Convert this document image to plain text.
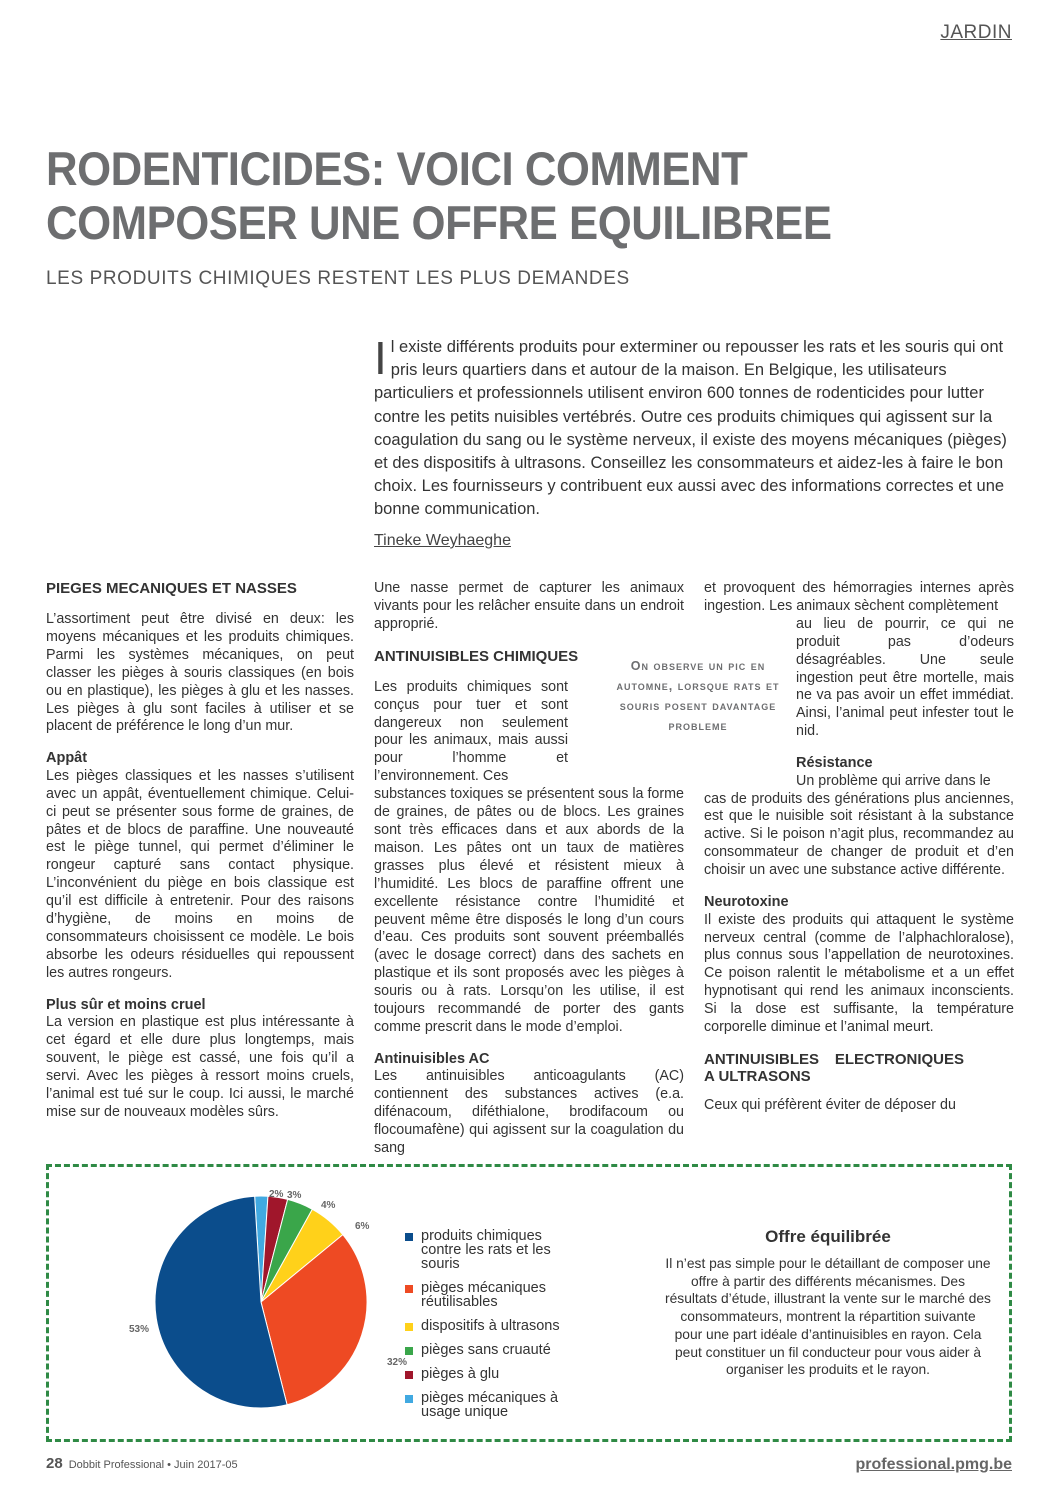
JARDIN
RODENTICIDES: VOICI COMMENT COMPOSER UNE OFFRE EQUILIBREE
LES PRODUITS CHIMIQUES RESTENT LES PLUS DEMANDES

Il existe différents produits pour exterminer ou repousser les rats et les souris qui ont pris leurs quartiers dans et autour de la maison. En Belgique, les utilisateurs particuliers et professionnels utilisent environ 600 tonnes de rodenticides pour lutter contre les petits nuisibles vertébrés. Outre ces produits chimiques qui agissent sur la coagulation du sang ou le système nerveux, il existe des moyens mécaniques (pièges) et des dispositifs à ultrasons. Conseillez les consommateurs et aidez-les à faire le bon choix. Les fournisseurs y contribuent eux aussi avec des informations correctes et une bonne communication.

Tineke Weyhaeghe
PIEGES MECANIQUES ET NASSES

L’assortiment peut être divisé en deux: les moyens mécaniques et les produits chimiques. Parmi les systèmes mécaniques, on peut classer les pièges à souris classiques (en bois ou en plastique), les pièges à glu et les nasses. Les pièges à glu sont faciles à utiliser et se placent de préférence le long d’un mur.

Appât

Les pièges classiques et les nasses s’utilisent avec un appât, éventuellement chimique. Celui-ci peut se présenter sous forme de graines, de pâtes et de blocs de paraffine. Une nouveauté est le piège tunnel, qui permet d’éliminer le rongeur capturé sans contact physique. L’inconvénient du piège en bois classique est qu’il est difficile à entretenir. Pour des raisons d’hygiène, de moins en moins de consommateurs choisissent ce modèle. Le bois absorbe les odeurs résiduelles qui repoussent les autres rongeurs.

Plus sûr et moins cruel

La version en plastique est plus intéressante à cet égard et elle dure plus longtemps, mais souvent, le piège est cassé, une fois qu’il a servi. Avec les pièges à ressort moins cruels, l’animal est tué sur le coup. Ici aussi, le marché mise sur de nouveaux modèles sûrs.

Une nasse permet de capturer les animaux vivants pour les relâcher ensuite dans un endroit approprié.

ANTINUISIBLES CHIMIQUES

Les produits chimiques sont conçus pour tuer et sont dangereux non seulement pour les animaux, mais aussi pour l’homme et l’environnement. Ces

substances toxiques se présentent sous la forme de graines, de pâtes ou de blocs. Les graines sont très efficaces dans et aux abords de la maison. Les pâtes ont un taux de matières grasses plus élevé et résistent mieux à l’humidité. Les blocs de paraffine offrent une excellente résistance contre l’humidité et peuvent même être disposés le long d’un cours d’eau. Ces produits sont souvent préemballés (avec le dosage correct) dans des sachets en plastique et ils sont proposés avec les pièges à souris ou à rats. Lorsqu’on les utilise, il est toujours recommandé de porter des gants comme prescrit dans le mode d’emploi.

Antinuisibles AC

Les antinuisibles anticoagulants (AC) contiennent des substances actives (e.a. difénacoum, diféthialone, brodifacoum ou flocoumafène) qui agissent sur la coagulation du sang

On observe un pic en automne, lorsque rats et souris posent davantage probleme

et provoquent des hémorragies internes après ingestion. Les animaux sèchent complètement

au lieu de pourrir, ce qui ne produit pas d’odeurs désagréables. Une seule ingestion peut être mortelle, mais ne va pas avoir un effet immédiat. Ainsi, l’animal peut infester tout le nid.

Résistance

Un problème qui arrive dans le

cas de produits des générations plus anciennes, est que le nuisible soit résistant à la substance active. Si le poison n’agit plus, recommandez au consommateur de changer de produit et d’en choisir un avec une substance active différente.

Neurotoxine

Il existe des produits qui attaquent le système nerveux central (comme de l’alphachloralose), plus connus sous l’appellation de neurotoxines. Ce poison ralentit le métabolisme et a un effet hypnotisant qui rend les animaux inconscients. Si la dose est suffisante, la température corporelle diminue et l’animal meurt.

ANTINUISIBLES ELECTRONIQUES A ULTRASONS

Ceux qui préfèrent éviter de déposer du

2% 3%
4%
6%
32%
53%
produits chimiques contre les rats et les souris
pièges mécaniques réutilisables
dispositifs à ultrasons
pièges sans cruauté
pièges à glu
pièges mécaniques à usage unique
Offre équilibrée

Il n’est pas simple pour le détaillant de composer une offre à partir des différents mécanismes. Des résultats d’étude, illustrant la vente sur le marché des consommateurs, montrent la répartition suivante pour une part idéale d’antinuisibles en rayon. Cela peut constituer un fil conducteur pour vous aider à organiser les produits et le rayon.

28 Dobbit Professional • Juin 2017-05	professional.pmg.be
